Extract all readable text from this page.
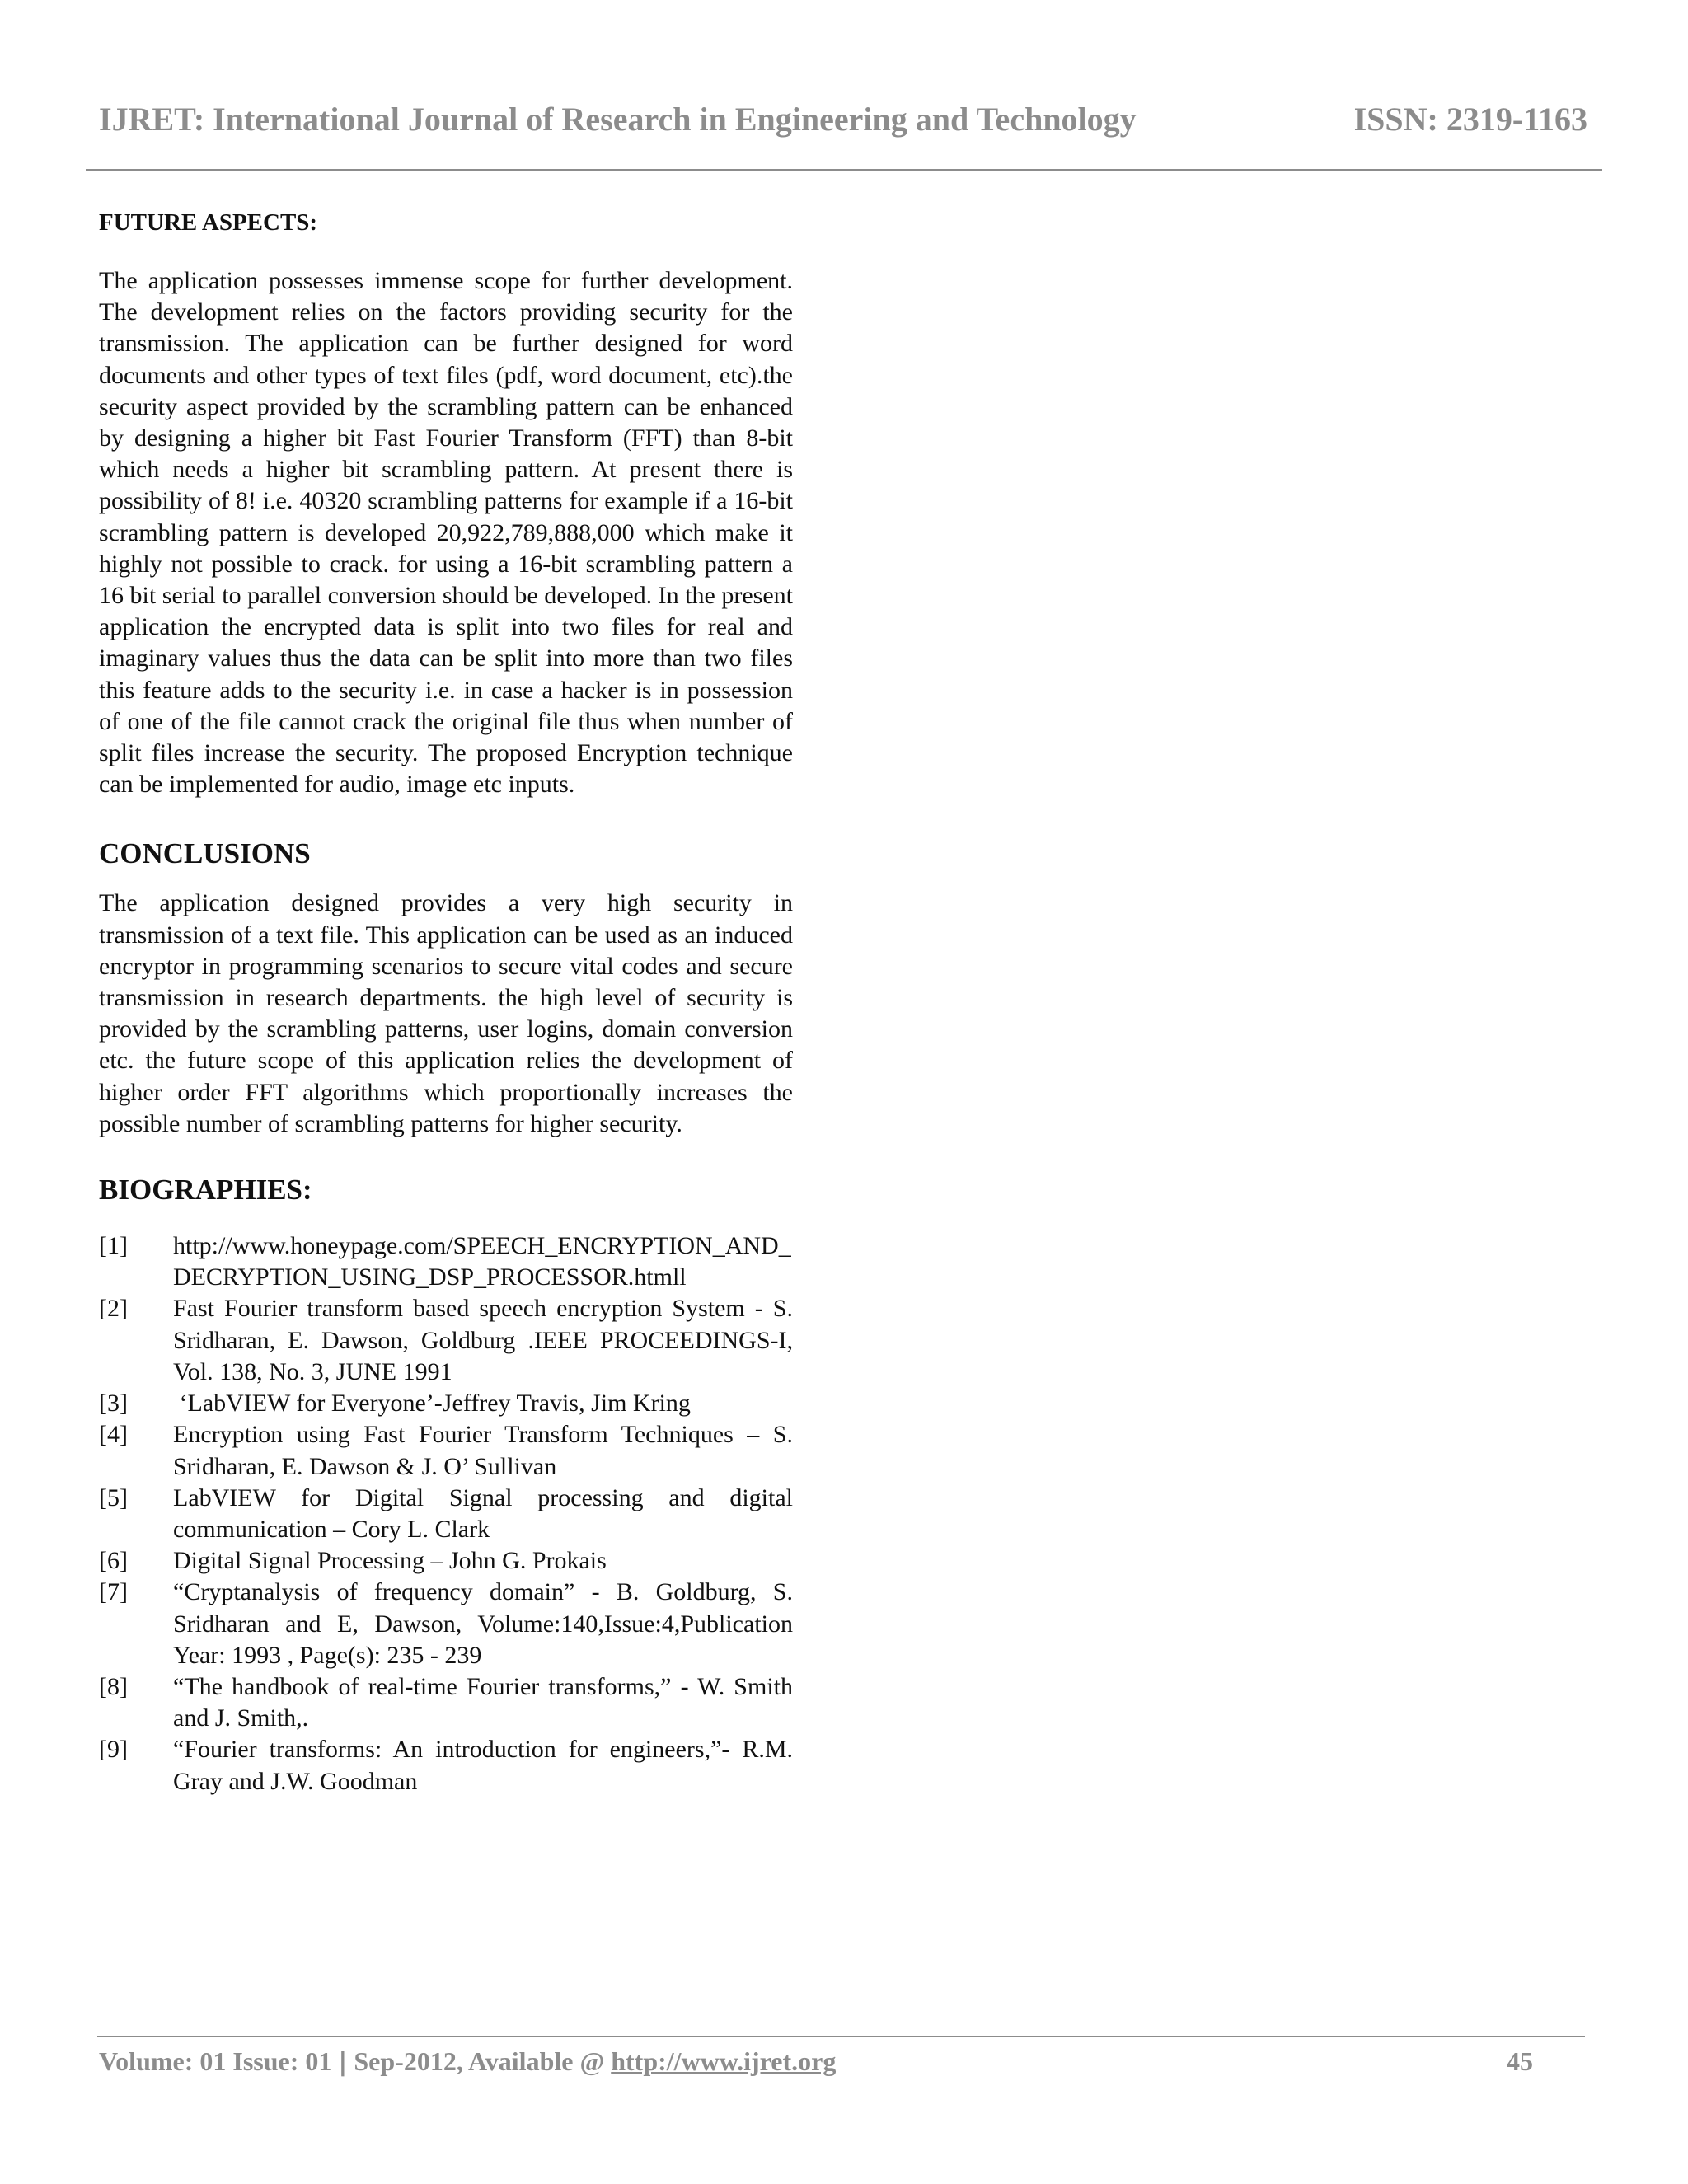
IJRET: International Journal of Research in Engineering and Technology	ISSN: 2319-1163
FUTURE ASPECTS:

The application possesses immense scope for further development. The development relies on the factors providing security for the transmission. The application can be further designed for word documents and other types of text files (pdf, word document, etc).the security aspect provided by the scrambling pattern can be enhanced by designing a higher bit Fast Fourier Transform (FFT) than 8-bit which needs a higher bit scrambling pattern. At present there is possibility of 8! i.e. 40320 scrambling patterns for example if a 16-bit scrambling pattern is developed 20,922,789,888,000 which make it highly not possible to crack. for using a 16-bit scrambling pattern a 16 bit serial to parallel conversion should be developed. In the present application the encrypted data is split into two files for real and imaginary values thus the data can be split into more than two files this feature adds to the security i.e. in case a hacker is in possession of one of the file cannot crack the original file thus when number of split files increase the security. The proposed Encryption technique can be implemented for audio, image etc inputs.

CONCLUSIONS

The application designed provides a very high security in transmission of a text file. This application can be used as an induced encryptor in programming scenarios to secure vital codes and secure transmission in research departments. the high level of security is provided by the scrambling patterns, user logins, domain conversion etc. the future scope of this application relies the development of higher order FFT algorithms which proportionally increases the possible number of scrambling patterns for higher security.

BIOGRAPHIES:
[1] http://www.honeypage.com/SPEECH_ENCRYPTION_AND_DECRYPTION_USING_DSP_PROCESSOR.htmll
[2] Fast Fourier transform based speech encryption System - S. Sridharan, E. Dawson, Goldburg .IEEE PROCEEDINGS-I, Vol. 138, No. 3, JUNE 1991
[3] ‘LabVIEW for Everyone’-Jeffrey Travis, Jim Kring
[4] Encryption using Fast Fourier Transform Techniques – S. Sridharan, E. Dawson & J. O’ Sullivan
[5] LabVIEW for Digital Signal processing and digital communication – Cory L. Clark
[6] Digital Signal Processing – John G. Prokais
[7] “Cryptanalysis of frequency domain” - B. Goldburg, S. Sridharan and E, Dawson, Volume:140,Issue:4,Publication Year: 1993 , Page(s): 235 - 239
[8] “The handbook of real-time Fourier transforms,” - W. Smith and J. Smith,.
[9] “Fourier transforms: An introduction for engineers,”- R.M. Gray and J.W. Goodman
Volume: 01 Issue: 01 | Sep-2012, Available @ http://www.ijret.org	45
